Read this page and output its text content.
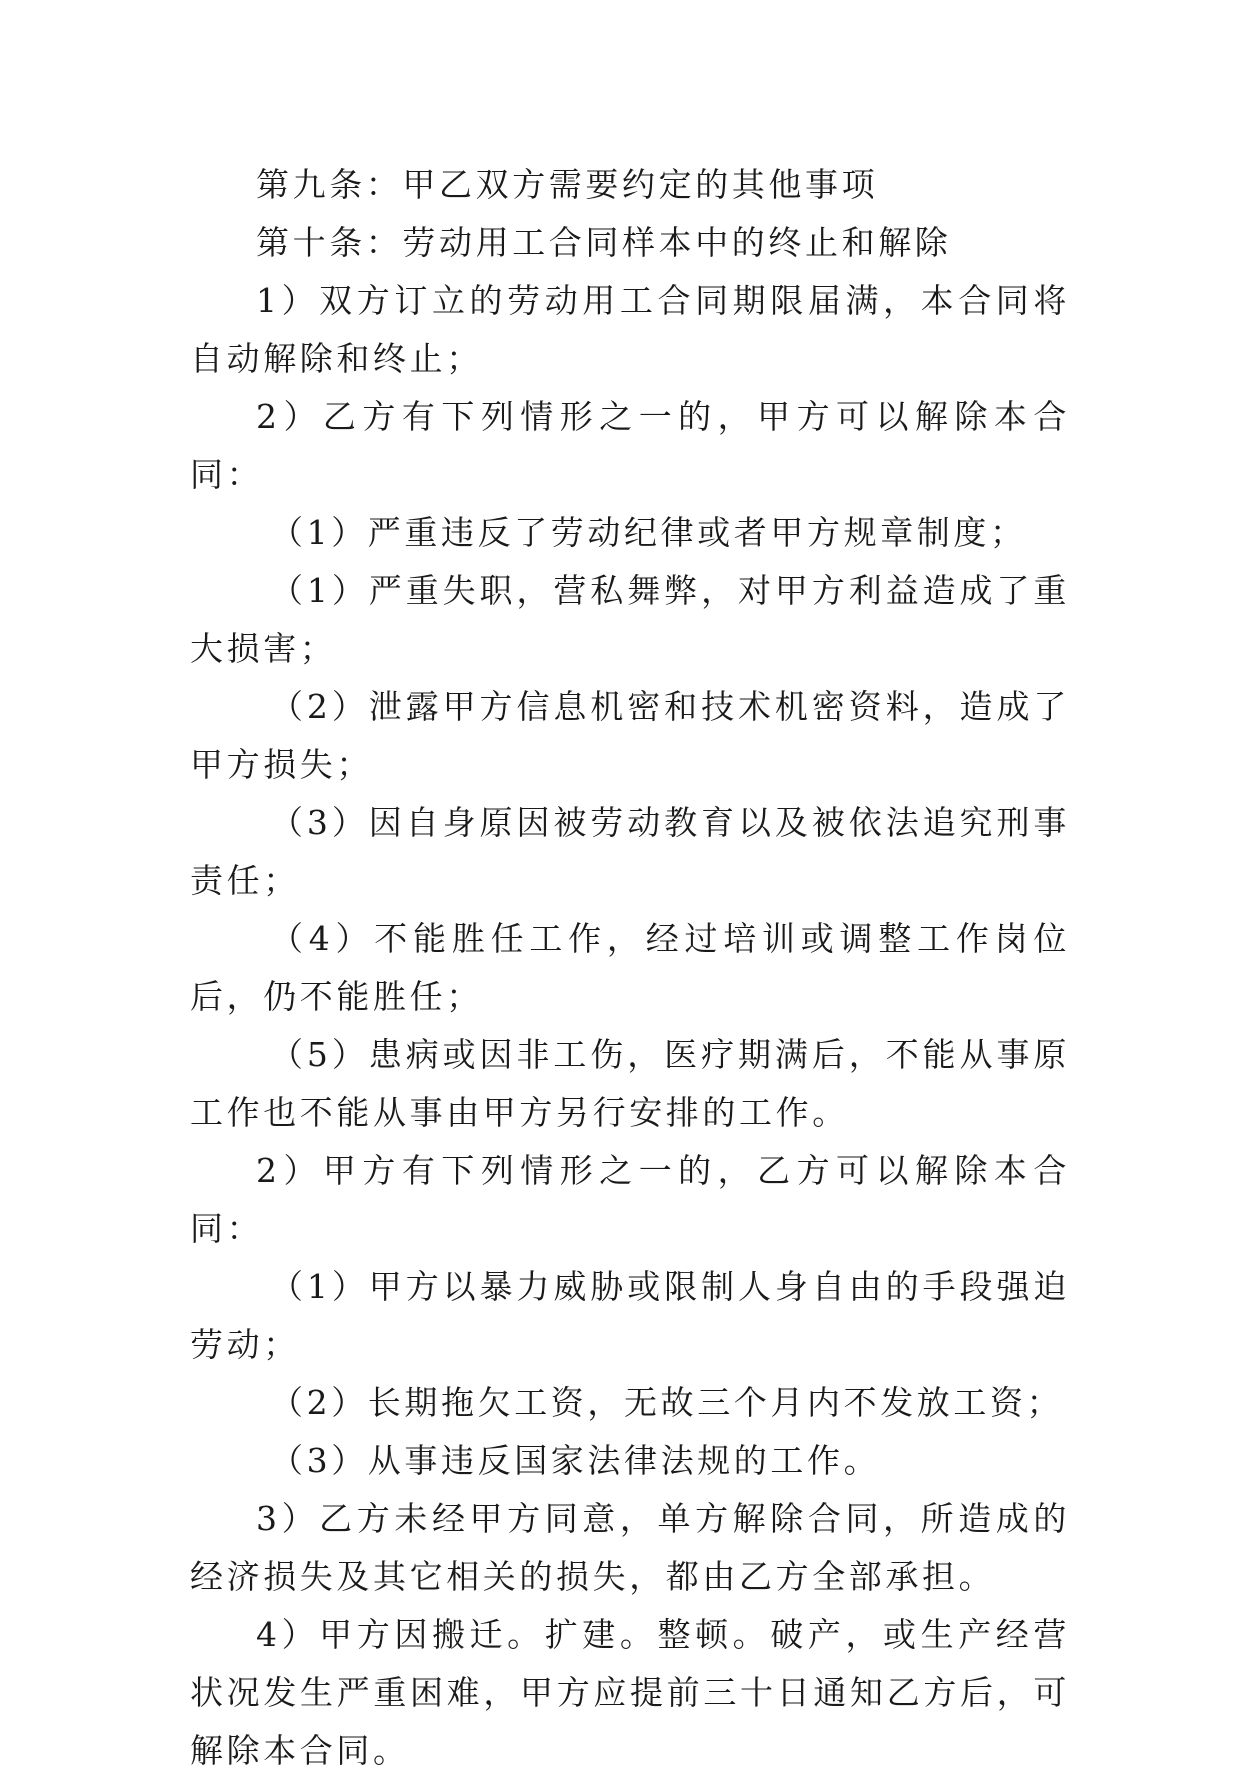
第九条：甲乙双方需要约定的其他事项

第十条：劳动用工合同样本中的终止和解除

1）双方订立的劳动用工合同期限届满，本合同将自动解除和终止；

2）乙方有下列情形之一的，甲方可以解除本合同：

（1）严重违反了劳动纪律或者甲方规章制度；

（1）严重失职，营私舞弊，对甲方利益造成了重大损害；

（2）泄露甲方信息机密和技术机密资料，造成了甲方损失；

（3）因自身原因被劳动教育以及被依法追究刑事责任；

（4）不能胜任工作，经过培训或调整工作岗位后，仍不能胜任；

（5）患病或因非工伤，医疗期满后，不能从事原工作也不能从事由甲方另行安排的工作。

2）甲方有下列情形之一的，乙方可以解除本合同：

（1）甲方以暴力威胁或限制人身自由的手段强迫劳动；

（2）长期拖欠工资，无故三个月内不发放工资；

（3）从事违反国家法律法规的工作。

3）乙方未经甲方同意，单方解除合同，所造成的经济损失及其它相关的损失，都由乙方全部承担。

4）甲方因搬迁。扩建。整顿。破产，或生产经营状况发生严重困难，甲方应提前三十日通知乙方后，可解除本合同。
